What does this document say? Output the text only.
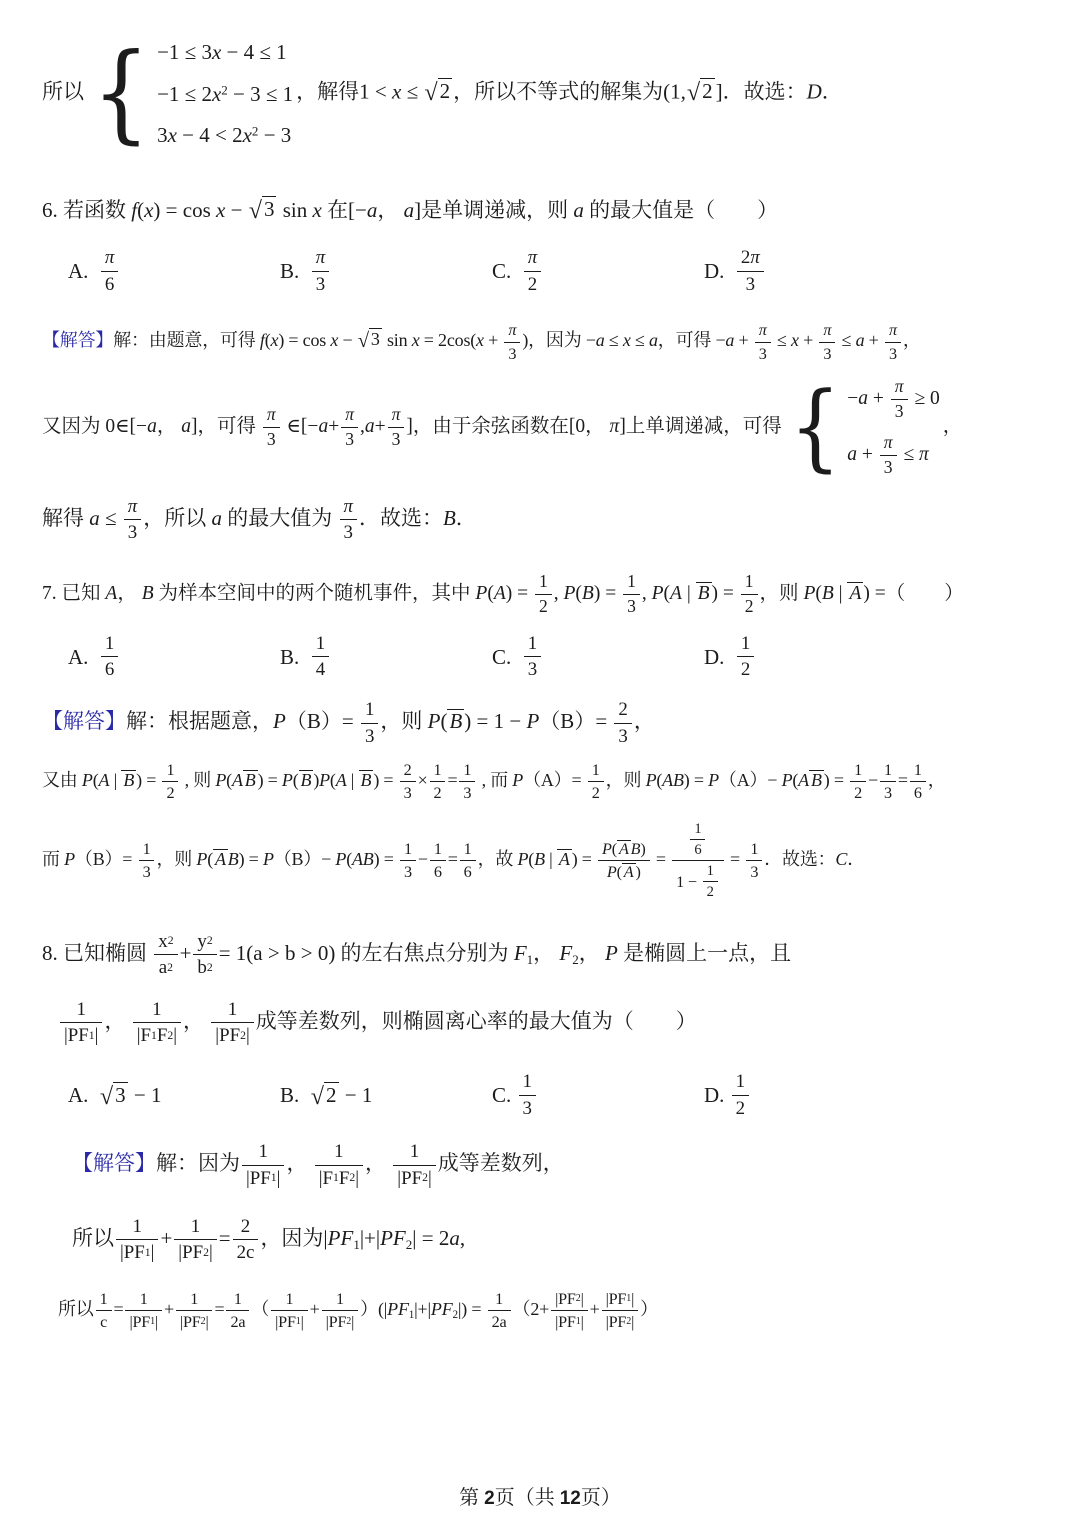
所以 { −1 ≤ 3x − 4 ≤ 1
$-1 \le 2x^2 - 3 \le 1$
$3x - 4 < 2x^2 - 3$
，解得1 < x ≤ √ 2 ，所以不等式的解集为(1, √ 2 ]．故选：D．
6. 若函数 f(x) = cos x − √ 3 sin x 在[−a， a]是单调递减，则 a 的最大值是（　　）
A.
π
6
B.
π
3
C.
π
2
D.
2 π
3
【解答】解：由题意，可得 f(x) = cos x − √ 3 $\sin x = 2\cos(x + \frac{\pi}{3}$ )，因为 −a ≤ x ≤ a，可得 $-a + \frac{\pi}{3} \le x + \frac{\pi}{3} \le a + \frac{\pi}{3}$ ，
又因为 0∈[−a， a]，可得 $\frac{\pi}{3}$ ∈[−a+ $\frac{\pi}{3} ,a+ \frac{\pi}{3}$ ]，由于余弦函数在[0， π]上单调递减，可得 { $-a + \frac{\pi}{3} \ge 0$
$a + \frac{\pi}{3} \le \pi$
，
解得 $a \le \frac{\pi}{3}$ ，所以 a 的最大值为 $\frac{\pi}{3}$ ．故选：B．
7. 已知 A， B 为样本空间中的两个随机事件，其中 $P(A) = \frac{1}{2}$ , $P(B) = \frac{1}{3}$ , P(A | B ) = $\frac{1}{2}$ ，则 P(B | A ) =（　　）
A.
1
6
B.
1
4
C.
1
3
D.
1
2
【解答】解：根据题意，$P(B)= \frac{1}{3}$ ，则 $P(B) = 1 - P(B)= \frac{2}{3}$ ，
又由 P(A | B ) = $\frac{1}{2}$ , 则 P(A B ) = P( B )P(A | B ) = $\frac{2}{3} \times \frac{1}{2} = \frac{1}{3}$ , 而 $P(A)= \frac{1}{2}$ ，则 P(AB) = P（A）− P(A B ) = $\frac{1}{2} - \frac{1}{3} = \frac{1}{6}$ ，
而 $P(B)= \frac{1}{3}$ ，则 P( A $B) = P(B)- P(AB) = \frac{1}{3} - \frac{1}{6} = \frac{1}{6}$ ，故 P(B | A ) = $\frac{\text{P ( A B )}}{P ( A )} = 1$
6
$1 - \frac{1}{2} = \frac{1}{3}$ ．故选：C．
8. 已知椭圆 $\frac{x 2}{a 2} + \frac{y 2}{b 2} = 1(a > b > 0)$ 的左右焦点分别为 F1， F2， P 是椭圆上一点，且
$\frac{1}{|PF 1 |}$ ， $\frac{1}{|F 1 F 2 |}$ ， $\frac{1}{|PF 2 |}$ 成等差数列，则椭圆离心率的最大值为（　　）
A. √ 3 − 1	B. √ 2 − 1	C.
1
3
D.
1
2
【解答】解：因为 $\frac{1}{|PF 1 |}$ ， $\frac{1}{|F 1 F 2 |}$ ， $\frac{1}{|PF 2 |}$ 成等差数列，
所以 $\frac{1}{|PF 1 |} + \frac{1}{|PF 2 |} = \frac{2}{2c}$ ，因为|PF1|+|PF2| = 2a,
所以 $\frac{1}{c} = \frac{1}{|PF 1 |} + \frac{1}{|PF 2 |} = \frac{1}{2a}$ （ $\frac{1}{|PF 1 |} + \frac{1}{|PF 2 |} )(|PF1|+|PF2|) = \frac{1}{2a} (2+ \frac{|PF 2 |}{|PF 1 |} + \frac{|PF 1 |}{|PF 2 |}$ ）
第 2页（共 12页）
